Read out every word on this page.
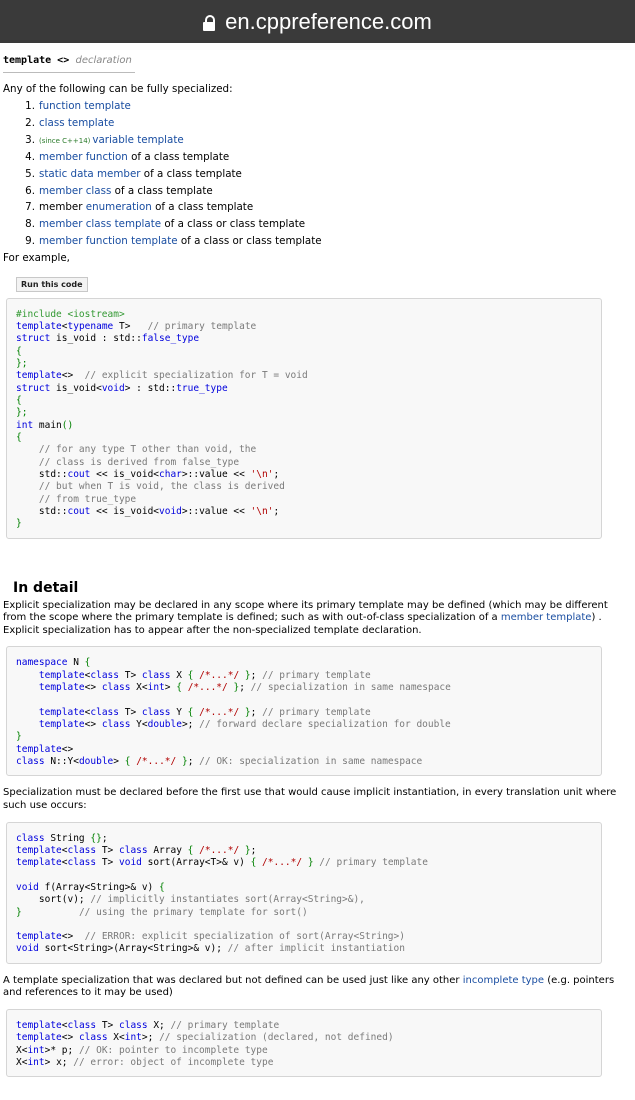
en.cppreference.com
template <> declaration

Any of the following can be fully specialized:

1.function template
2.class template
3.(since C++14) variable template
4.member function of a class template
5.static data member of a class template
6.member class of a class template
7.member enumeration of a class template
8.member class template of a class or class template
9.member function template of a class or class template

For example,

Run this code
#include <iostream>
template<typename T>   // primary template
struct is_void : std::false_type
{
};
template<>  // explicit specialization for T = void
struct is_void<void> : std::true_type
{
};
int main()
{
// for any type T other than void, the
// class is derived from false_type
std::cout << is_void<char>::value << '\n';
// but when T is void, the class is derived
// from true_type
std::cout << is_void<void>::value << '\n';
}
In detail

Explicit specialization may be declared in any scope where its primary template may be defined (which may be different from the scope where the primary template is defined; such as with out-of-class specialization of a member template) . Explicit specialization has to appear after the non-specialized template declaration.

namespace N {
template<class T> class X { /*...*/ }; // primary template
template<> class X<int> { /*...*/ }; // specialization in same namespace

template<class T> class Y { /*...*/ }; // primary template
template<> class Y<double>; // forward declare specialization for double
}
template<>
class N::Y<double> { /*...*/ }; // OK: specialization in same namespace

Specialization must be declared before the first use that would cause implicit instantiation, in every translation unit where such use occurs:

class String {};
template<class T> class Array { /*...*/ };
template<class T> void sort(Array<T>& v) { /*...*/ } // primary template

void f(Array<String>& v) {
sort(v); // implicitly instantiates sort(Array<String>&),
}	// using the primary template for sort()

template<>  // ERROR: explicit specialization of sort(Array<String>)
void sort<String>(Array<String>& v); // after implicit instantiation

A template specialization that was declared but not defined can be used just like any other incomplete type (e.g. pointers and references to it may be used)

template<class T> class X; // primary template
template<> class X<int>; // specialization (declared, not defined)
X<int>* p; // OK: pointer to incomplete type
X<int> x; // error: object of incomplete type
